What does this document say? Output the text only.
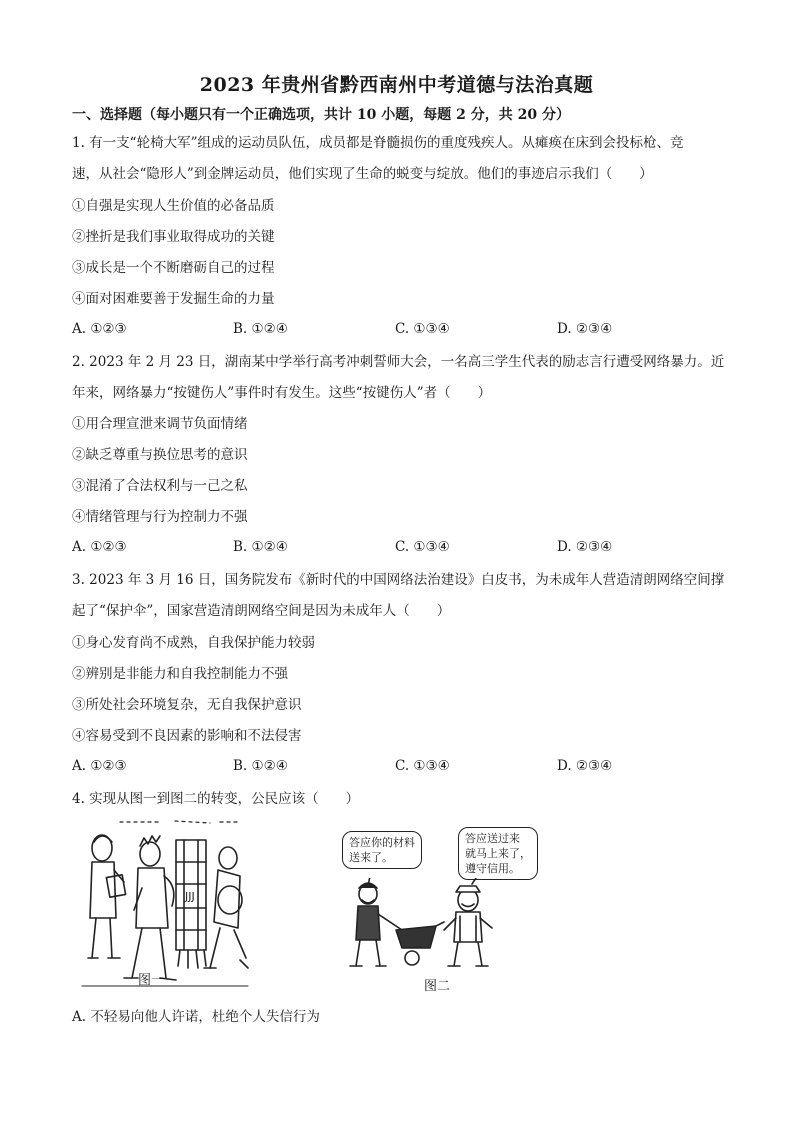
2023 年贵州省黔西南州中考道德与法治真题
一、选择题（每小题只有一个正确选项，共计 10 小题，每题 2 分，共 20 分）
1. 有一支“轮椅大军”组成的运动员队伍，成员都是脊髓损伤的重度残疾人。从瘫痪在床到会投标枪、竞
速，从社会“隐形人”到金牌运动员，他们实现了生命的蜕变与绽放。他们的事迹启示我们（　　）
①自强是实现人生价值的必备品质
②挫折是我们事业取得成功的关键
③成长是一个不断磨砺自己的过程
④面对困难要善于发掘生命的力量
A. ①②③	B. ①②④	C. ①③④	D. ②③④
2. 2023 年 2 月 23 日，湖南某中学举行高考冲刺誓师大会，一名高三学生代表的励志言行遭受网络暴力。近
年来，网络暴力“按键伤人”事件时有发生。这些“按键伤人”者（　　）
①用合理宣泄来调节负面情绪
②缺乏尊重与换位思考的意识
③混淆了合法权利与一己之私
④情绪管理与行为控制力不强
A. ①②③	B. ①②④	C. ①③④	D. ②③④
3. 2023 年 3 月 16 日，国务院发布《新时代的中国网络法治建设》白皮书，为未成年人营造清朗网络空间撑
起了“保护伞”，国家营造清朗网络空间是因为未成年人（　　）
①身心发育尚不成熟，自我保护能力较弱
②辨别是非能力和自我控制能力不强
③所处社会环境复杂，无自我保护意识
④容易受到不良因素的影响和不法侵害
A. ①②③	B. ①②④	C. ①③④	D. ②③④
4. 实现从图一到图二的转变，公民应该（　　）
JJJ
图一
答应你的材料
送来了。
答应送过来
就马上来了，
遵守信用。
图二
A. 不轻易向他人许诺，杜绝个人失信行为
